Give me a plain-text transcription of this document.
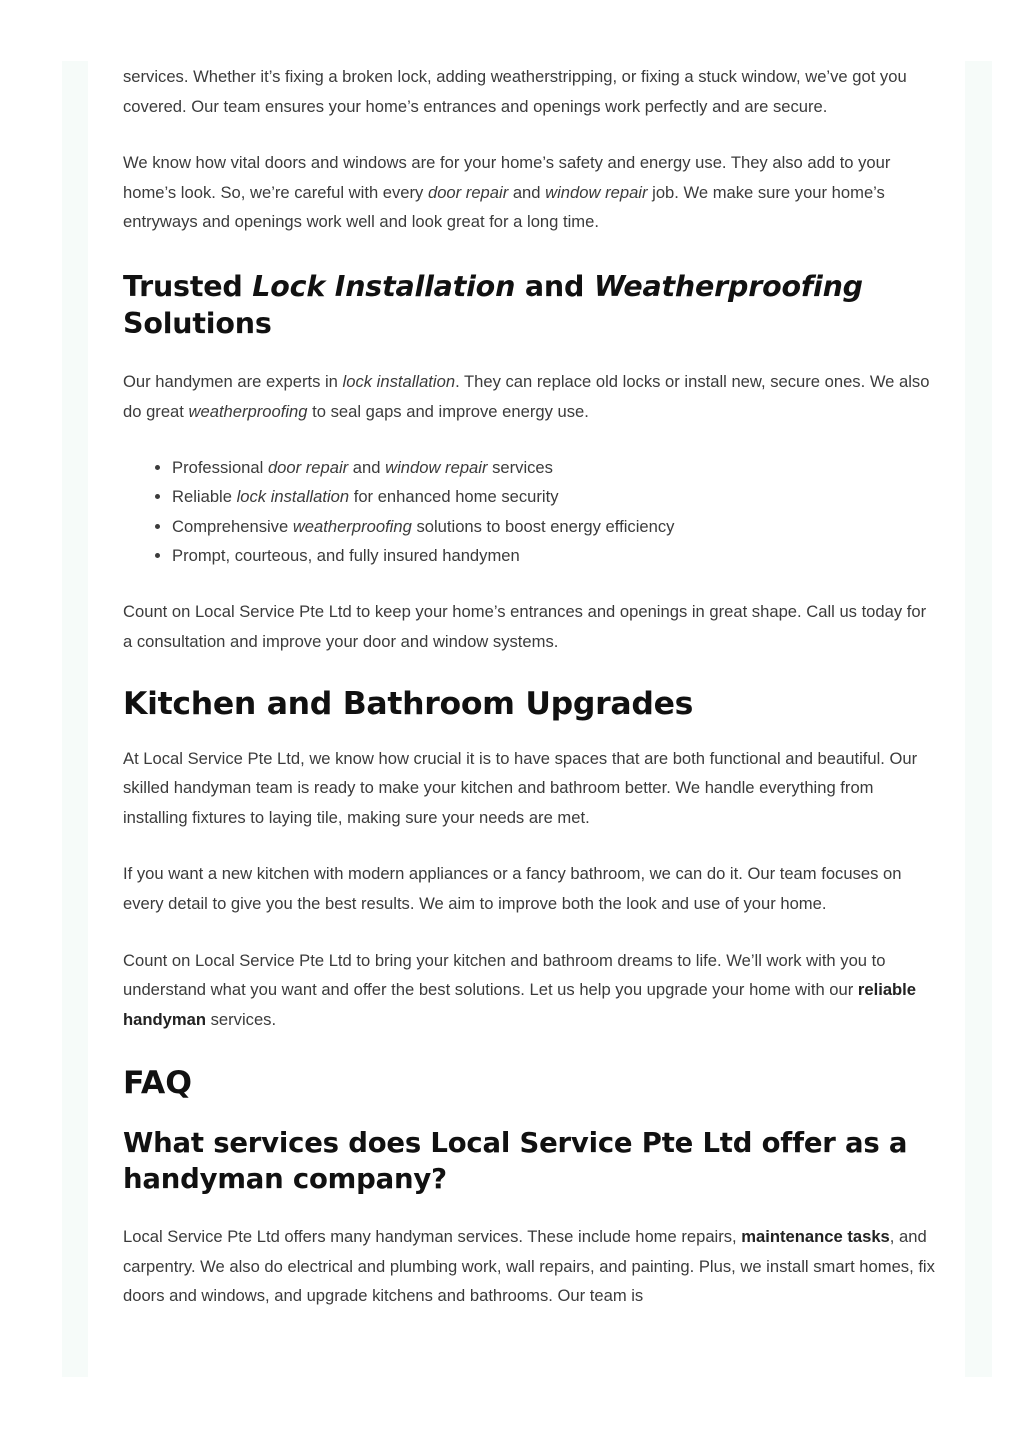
services. Whether it’s fixing a broken lock, adding weatherstripping, or fixing a stuck window, we’ve got you covered. Our team ensures your home’s entrances and openings work perfectly and are secure.

We know how vital doors and windows are for your home’s safety and energy use. They also add to your home’s look. So, we’re careful with every door repair and window repair job. We make sure your home’s entryways and openings work well and look great for a long time.

Trusted Lock Installation and Weatherproofing Solutions

Our handymen are experts in lock installation. They can replace old locks or install new, secure ones. We also do great weatherproofing to seal gaps and improve energy use.

• Professional door repair and window repair services
• Reliable lock installation for enhanced home security
• Comprehensive weatherproofing solutions to boost energy efficiency
• Prompt, courteous, and fully insured handymen

Count on Local Service Pte Ltd to keep your home’s entrances and openings in great shape. Call us today for a consultation and improve your door and window systems.

Kitchen and Bathroom Upgrades

At Local Service Pte Ltd, we know how crucial it is to have spaces that are both functional and beautiful. Our skilled handyman team is ready to make your kitchen and bathroom better. We handle everything from installing fixtures to laying tile, making sure your needs are met.

If you want a new kitchen with modern appliances or a fancy bathroom, we can do it. Our team focuses on every detail to give you the best results. We aim to improve both the look and use of your home.

Count on Local Service Pte Ltd to bring your kitchen and bathroom dreams to life. We’ll work with you to understand what you want and offer the best solutions. Let us help you upgrade your home with our reliable handyman services.

FAQ
What services does Local Service Pte Ltd offer as a handyman company?

Local Service Pte Ltd offers many handyman services. These include home repairs, maintenance tasks, and carpentry. We also do electrical and plumbing work, wall repairs, and painting. Plus, we install smart homes, fix doors and windows, and upgrade kitchens and bathrooms. Our team is
